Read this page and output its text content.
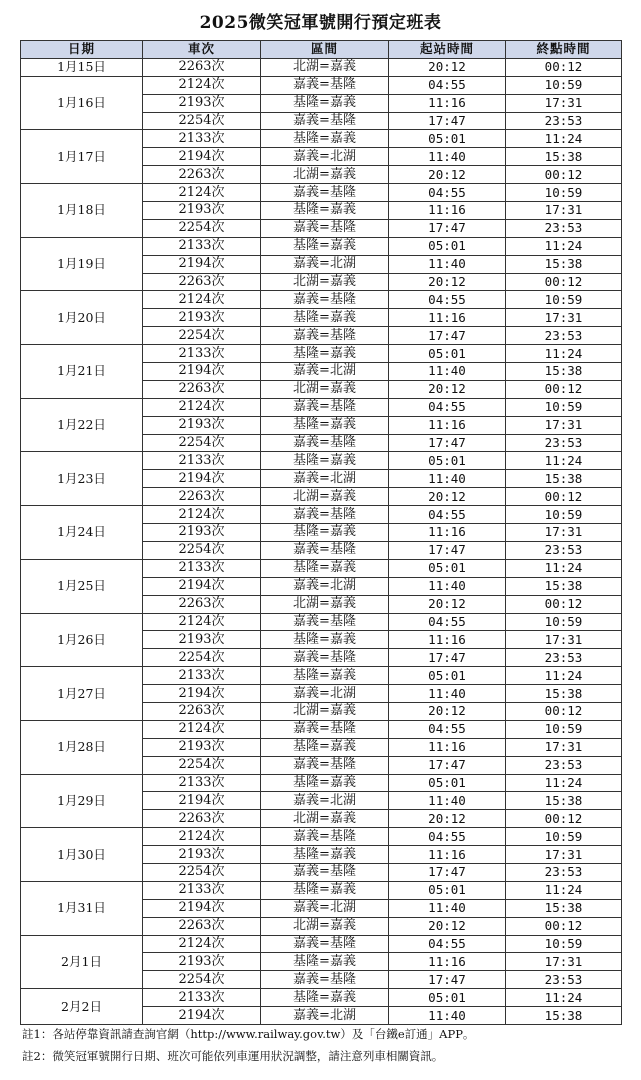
2025微笑冠軍號開行預定班表
日期	車次	區間	起站時間	終點時間
1月15日	2263次	北湖=嘉義	20:12	00:12
1月16日	2124次	嘉義=基隆	04:55	10:59
	2193次	基隆=嘉義	11:16	17:31
	2254次	嘉義=基隆	17:47	23:53
1月17日	2133次	基隆=嘉義	05:01	11:24
	2194次	嘉義=北湖	11:40	15:38
	2263次	北湖=嘉義	20:12	00:12
1月18日	2124次	嘉義=基隆	04:55	10:59
	2193次	基隆=嘉義	11:16	17:31
	2254次	嘉義=基隆	17:47	23:53
1月19日	2133次	基隆=嘉義	05:01	11:24
	2194次	嘉義=北湖	11:40	15:38
	2263次	北湖=嘉義	20:12	00:12
1月20日	2124次	嘉義=基隆	04:55	10:59
	2193次	基隆=嘉義	11:16	17:31
	2254次	嘉義=基隆	17:47	23:53
1月21日	2133次	基隆=嘉義	05:01	11:24
	2194次	嘉義=北湖	11:40	15:38
	2263次	北湖=嘉義	20:12	00:12
1月22日	2124次	嘉義=基隆	04:55	10:59
	2193次	基隆=嘉義	11:16	17:31
	2254次	嘉義=基隆	17:47	23:53
1月23日	2133次	基隆=嘉義	05:01	11:24
	2194次	嘉義=北湖	11:40	15:38
	2263次	北湖=嘉義	20:12	00:12
1月24日	2124次	嘉義=基隆	04:55	10:59
	2193次	基隆=嘉義	11:16	17:31
	2254次	嘉義=基隆	17:47	23:53
1月25日	2133次	基隆=嘉義	05:01	11:24
	2194次	嘉義=北湖	11:40	15:38
	2263次	北湖=嘉義	20:12	00:12
1月26日	2124次	嘉義=基隆	04:55	10:59
	2193次	基隆=嘉義	11:16	17:31
	2254次	嘉義=基隆	17:47	23:53
1月27日	2133次	基隆=嘉義	05:01	11:24
	2194次	嘉義=北湖	11:40	15:38
	2263次	北湖=嘉義	20:12	00:12
1月28日	2124次	嘉義=基隆	04:55	10:59
	2193次	基隆=嘉義	11:16	17:31
	2254次	嘉義=基隆	17:47	23:53
1月29日	2133次	基隆=嘉義	05:01	11:24
	2194次	嘉義=北湖	11:40	15:38
	2263次	北湖=嘉義	20:12	00:12
1月30日	2124次	嘉義=基隆	04:55	10:59
	2193次	基隆=嘉義	11:16	17:31
	2254次	嘉義=基隆	17:47	23:53
1月31日	2133次	基隆=嘉義	05:01	11:24
	2194次	嘉義=北湖	11:40	15:38
	2263次	北湖=嘉義	20:12	00:12
2月1日	2124次	嘉義=基隆	04:55	10:59
	2193次	基隆=嘉義	11:16	17:31
	2254次	嘉義=基隆	17:47	23:53
2月2日	2133次	基隆=嘉義	05:01	11:24
	2194次	嘉義=北湖	11:40	15:38
註1：各站停靠資訊請查詢官網（http://www.railway.gov.tw）及「台鐵e訂通」APP。
註2：微笑冠軍號開行日期、班次可能依列車運用狀況調整，請注意列車相關資訊。
